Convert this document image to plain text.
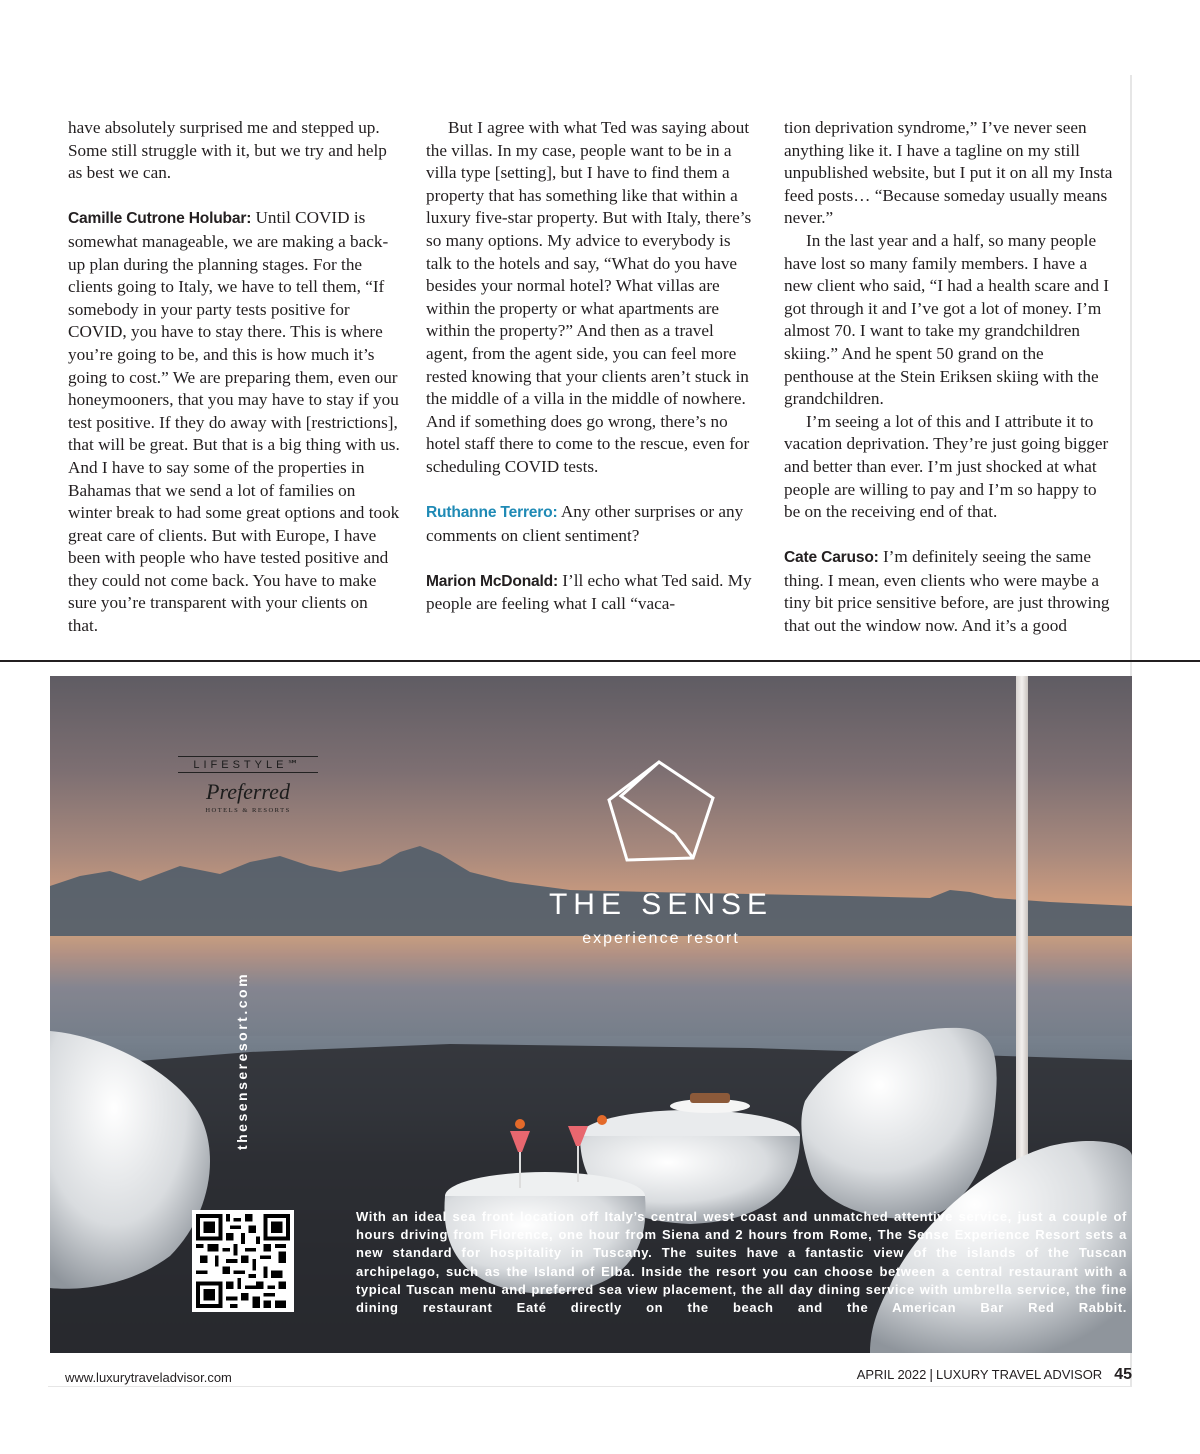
have absolutely surprised me and stepped up. Some still struggle with it, but we try and help as best we can.

Camille Cutrone Holubar: Until COVID is somewhat manageable, we are making a back-up plan during the planning stages. For the clients going to Italy, we have to tell them, “If somebody in your party tests positive for COVID, you have to stay there. This is where you’re going to be, and this is how much it’s going to cost.” We are preparing them, even our honeymooners, that you may have to stay if you test positive. If they do away with [restrictions], that will be great. But that is a big thing with us. And I have to say some of the properties in Bahamas that we send a lot of families on winter break to had some great options and took great care of clients. But with Europe, I have been with people who have tested positive and they could not come back. You have to make sure you’re transparent with your clients on that.

But I agree with what Ted was saying about the villas. In my case, people want to be in a villa type [setting], but I have to find them a property that has something like that within a luxury five-star property. But with Italy, there’s so many options. My advice to everybody is talk to the hotels and say, “What do you have besides your normal hotel? What villas are within the property or what apartments are within the property?” And then as a travel agent, from the agent side, you can feel more rested knowing that your clients aren’t stuck in the middle of a villa in the middle of nowhere. And if something does go wrong, there’s no hotel staff there to come to the rescue, even for scheduling COVID tests.

Ruthanne Terrero: Any other surprises or any comments on client sentiment?

Marion McDonald: I’ll echo what Ted said. My people are feeling what I call “vaca-

tion deprivation syndrome,” I’ve never seen anything like it. I have a tagline on my still unpublished website, but I put it on all my Insta feed posts… “Because someday usually means never.”

In the last year and a half, so many people have lost so many family members. I have a new client who said, “I had a health scare and I got through it and I’ve got a lot of money. I’m almost 70. I want to take my grandchildren skiing.” And he spent 50 grand on the penthouse at the Stein Eriksen skiing with the grandchildren.

I’m seeing a lot of this and I attribute it to vacation deprivation. They’re just going bigger and better than ever. I’m just shocked at what people are willing to pay and I’m so happy to be on the receiving end of that.

Cate Caruso: I’m definitely seeing the same thing. I mean, even clients who were maybe a tiny bit price sensitive before, are just throwing that out the window now. And it’s a good

LIFESTYLE℠
Preferred
HOTELS & RESORTS
THE SENSE
experience resort
thesenseresort.com
With an ideal sea front location off Italy’s central west coast and unmatched attentive service, just a couple of hours driving from Florence, one hour from Siena and 2 hours from Rome, The Sense Experience Resort sets a new standard for hospitality in Tuscany. The suites have a fantastic view of the islands of the Tuscan archipelago, such as the Island of Elba. Inside the resort you can choose between a central restaurant with a typical Tuscan menu and preferred sea view placement, the all day dining service with umbrella service, the fine dining restaurant Eaté directly on the beach and the American Bar Red Rabbit.
www.luxurytraveladvisor.com	APRIL 2022 | LUXURY TRAVEL ADVISOR 45
